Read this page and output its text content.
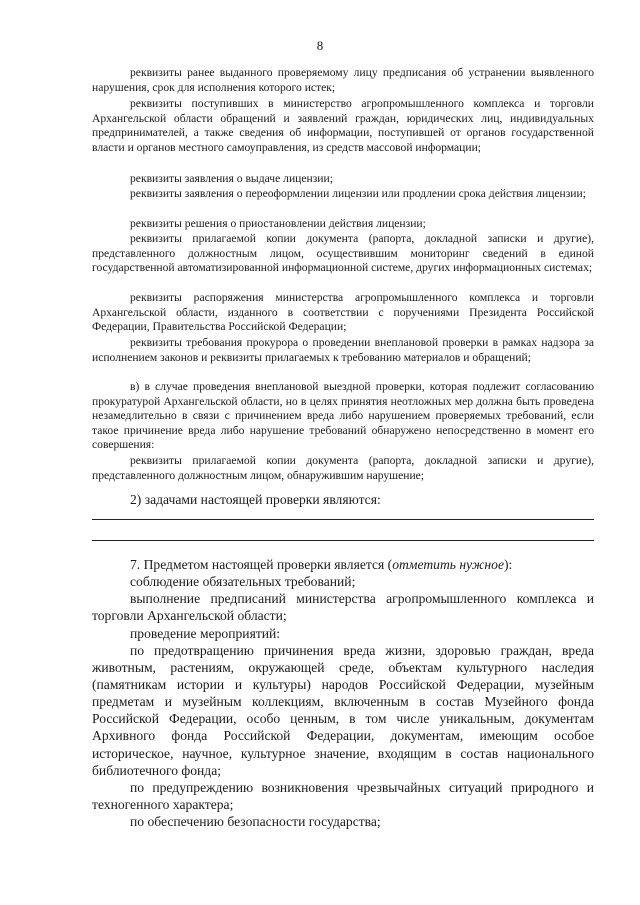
8

реквизиты ранее выданного проверяемому лицу предписания об устранении выявленного нарушения, срок для исполнения которого истек;

реквизиты поступивших в министерство агропромышленного комплекса и торговли Архангельской области обращений и заявлений граждан, юридических лиц, индивидуальных предпринимателей, а также сведения об информации, поступившей от органов государственной власти и органов местного самоуправления, из средств массовой информации;

реквизиты заявления о выдаче лицензии;

реквизиты заявления о переоформлении лицензии или продлении срока действия лицензии;

реквизиты решения о приостановлении действия лицензии;

реквизиты прилагаемой копии документа (рапорта, докладной записки и другие), представленного должностным лицом, осуществившим мониторинг сведений в единой государственной автоматизированной информационной системе, других информационных системах;

реквизиты распоряжения министерства агропромышленного комплекса и торговли Архангельской области, изданного в соответствии с поручениями Президента Российской Федерации, Правительства Российской Федерации;

реквизиты требования прокурора о проведении внеплановой проверки в рамках надзора за исполнением законов и реквизиты прилагаемых к требованию материалов и обращений;

в) в случае проведения внеплановой выездной проверки, которая подлежит согласованию прокуратурой Архангельской области, но в целях принятия неотложных мер должна быть проведена незамедлительно в связи с причинением вреда либо нарушением проверяемых требований, если такое причинение вреда либо нарушение требований обнаружено непосредственно в момент его совершения:

реквизиты прилагаемой копии документа (рапорта, докладной записки и другие), представленного должностным лицом, обнаружившим нарушение;

2) задачами настоящей проверки являются:

7. Предметом настоящей проверки является (отметить нужное):

соблюдение обязательных требований;

выполнение предписаний министерства агропромышленного комплекса и торговли Архангельской области;

проведение мероприятий:

по предотвращению причинения вреда жизни, здоровью граждан, вреда животным, растениям, окружающей среде, объектам культурного наследия (памятникам истории и культуры) народов Российской Федерации, музейным предметам и музейным коллекциям, включенным в состав Музейного фонда Российской Федерации, особо ценным, в том числе уникальным, документам Архивного фонда Российской Федерации, документам, имеющим особое историческое, научное, культурное значение, входящим в состав национального библиотечного фонда;

по предупреждению возникновения чрезвычайных ситуаций природного и техногенного характера;

по обеспечению безопасности государства;
